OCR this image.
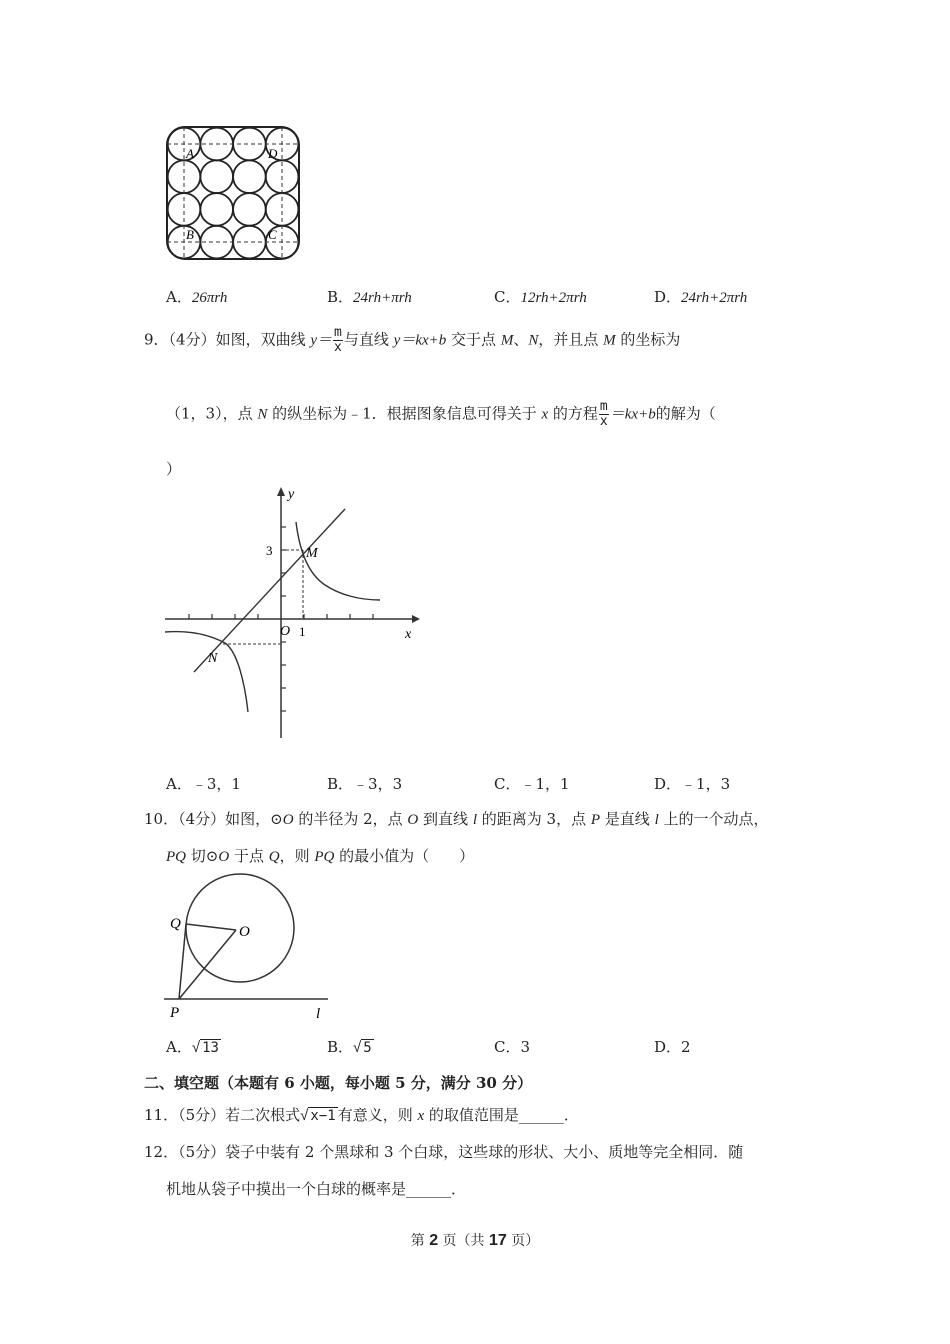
A	D
B	C
A．26πrh	B．24rh+πrh	C．12rh+2πrh	D．24rh+2πrh
9．（4分）如图，双曲线 $y= \frac{m}{x}$ 与直线 y＝kx+b 交于点 M、N，并且点 M 的坐标为
（1，3），点 N 的纵坐标为﹣1．根据图象信息可得关于 x 的方程 $\frac{m}{x} =kx+b$的解为（
）
y
x
O 1
3 M
N
A．﹣3，1	B．﹣3，3	C．﹣1，1	D．﹣1，3
10．（4分）如图，⊙O 的半径为 2，点 O 到直线 l 的距离为 3，点 P 是直线 l 上的一个动点，
PQ 切⊙O 于点 Q，则 PQ 的最小值为（　　）
Q	O
P	l
A．√ 13	B．√ 5	C．3	D．2
二、填空题（本题有 6 小题，每小题 5 分，满分 30 分）
11．（5分）若二次根式√ x−1 有意义，则 x 的取值范围是______．
12．（5分）袋子中装有 2 个黑球和 3 个白球，这些球的形状、大小、质地等完全相同．随
机地从袋子中摸出一个白球的概率是______．
第 2 页（共 17 页）
